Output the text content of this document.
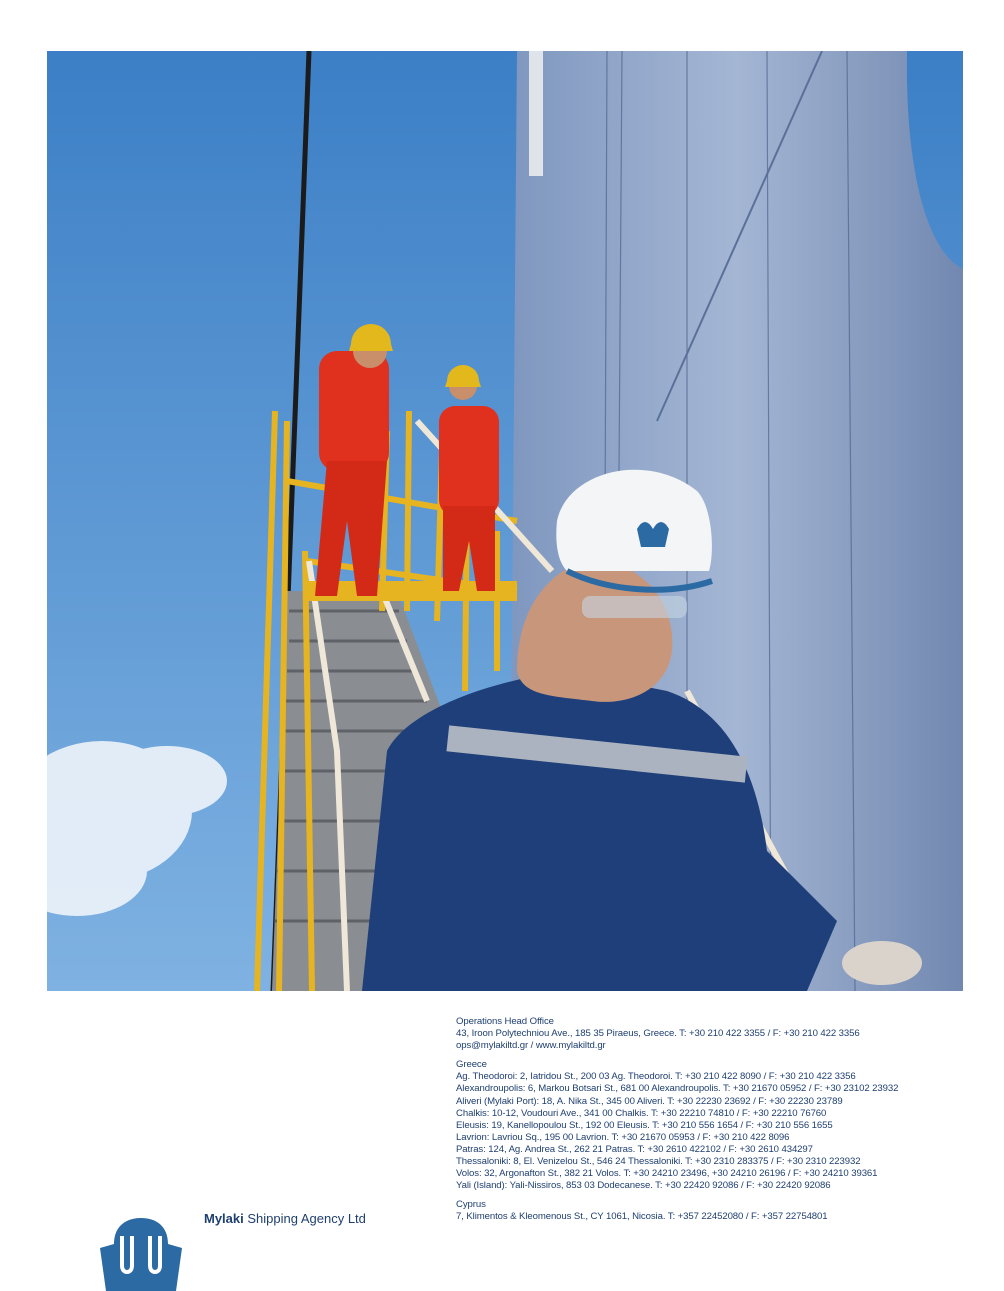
Operations Head Office
43, Iroon Polytechniou Ave., 185 35 Piraeus, Greece. T: +30 210 422 3355 / F: +30 210 422 3356
ops@mylakiltd.gr / www.mylakiltd.gr
Greece
Ag. Theodoroi: 2, Iatridou St., 200 03 Ag. Theodoroi. T: +30 210 422 8090 / F: +30 210 422 3356
Alexandroupolis: 6, Markou Botsari St., 681 00 Alexandroupolis. T: +30 21670 05952 / F: +30 23102 23932
Aliveri (Mylaki Port): 18, A. Nika St., 345 00 Aliveri. T: +30 22230 23692 / F: +30 22230 23789
Chalkis: 10-12, Voudouri Ave., 341 00 Chalkis. T: +30 22210 74810 / F: +30 22210 76760
Eleusis: 19, Kanellopoulou St., 192 00 Eleusis. T: +30 210 556 1654 / F: +30 210 556 1655
Lavrion: Lavriou Sq., 195 00 Lavrion. T: +30 21670 05953 / F: +30 210 422 8096
Patras: 124, Ag. Andrea St., 262 21 Patras. T: +30 2610 422102 / F: +30 2610 434297
Thessaloniki: 8, El. Venizelou St., 546 24 Thessaloniki. T: +30 2310 283375 / F: +30 2310 223932
Volos: 32, Argonafton St., 382 21 Volos. T: +30 24210 23496, +30 24210 26196 / F: +30 24210 39361
Yali (Island): Yali-Nissiros, 853 03 Dodecanese. T: +30 22420 92086 / F: +30 22420 92086
Cyprus
7, Klimentos & Kleomenous St., CY 1061, Nicosia. T: +357 22452080 / F: +357 22754801
Mylaki Shipping Agency Ltd
